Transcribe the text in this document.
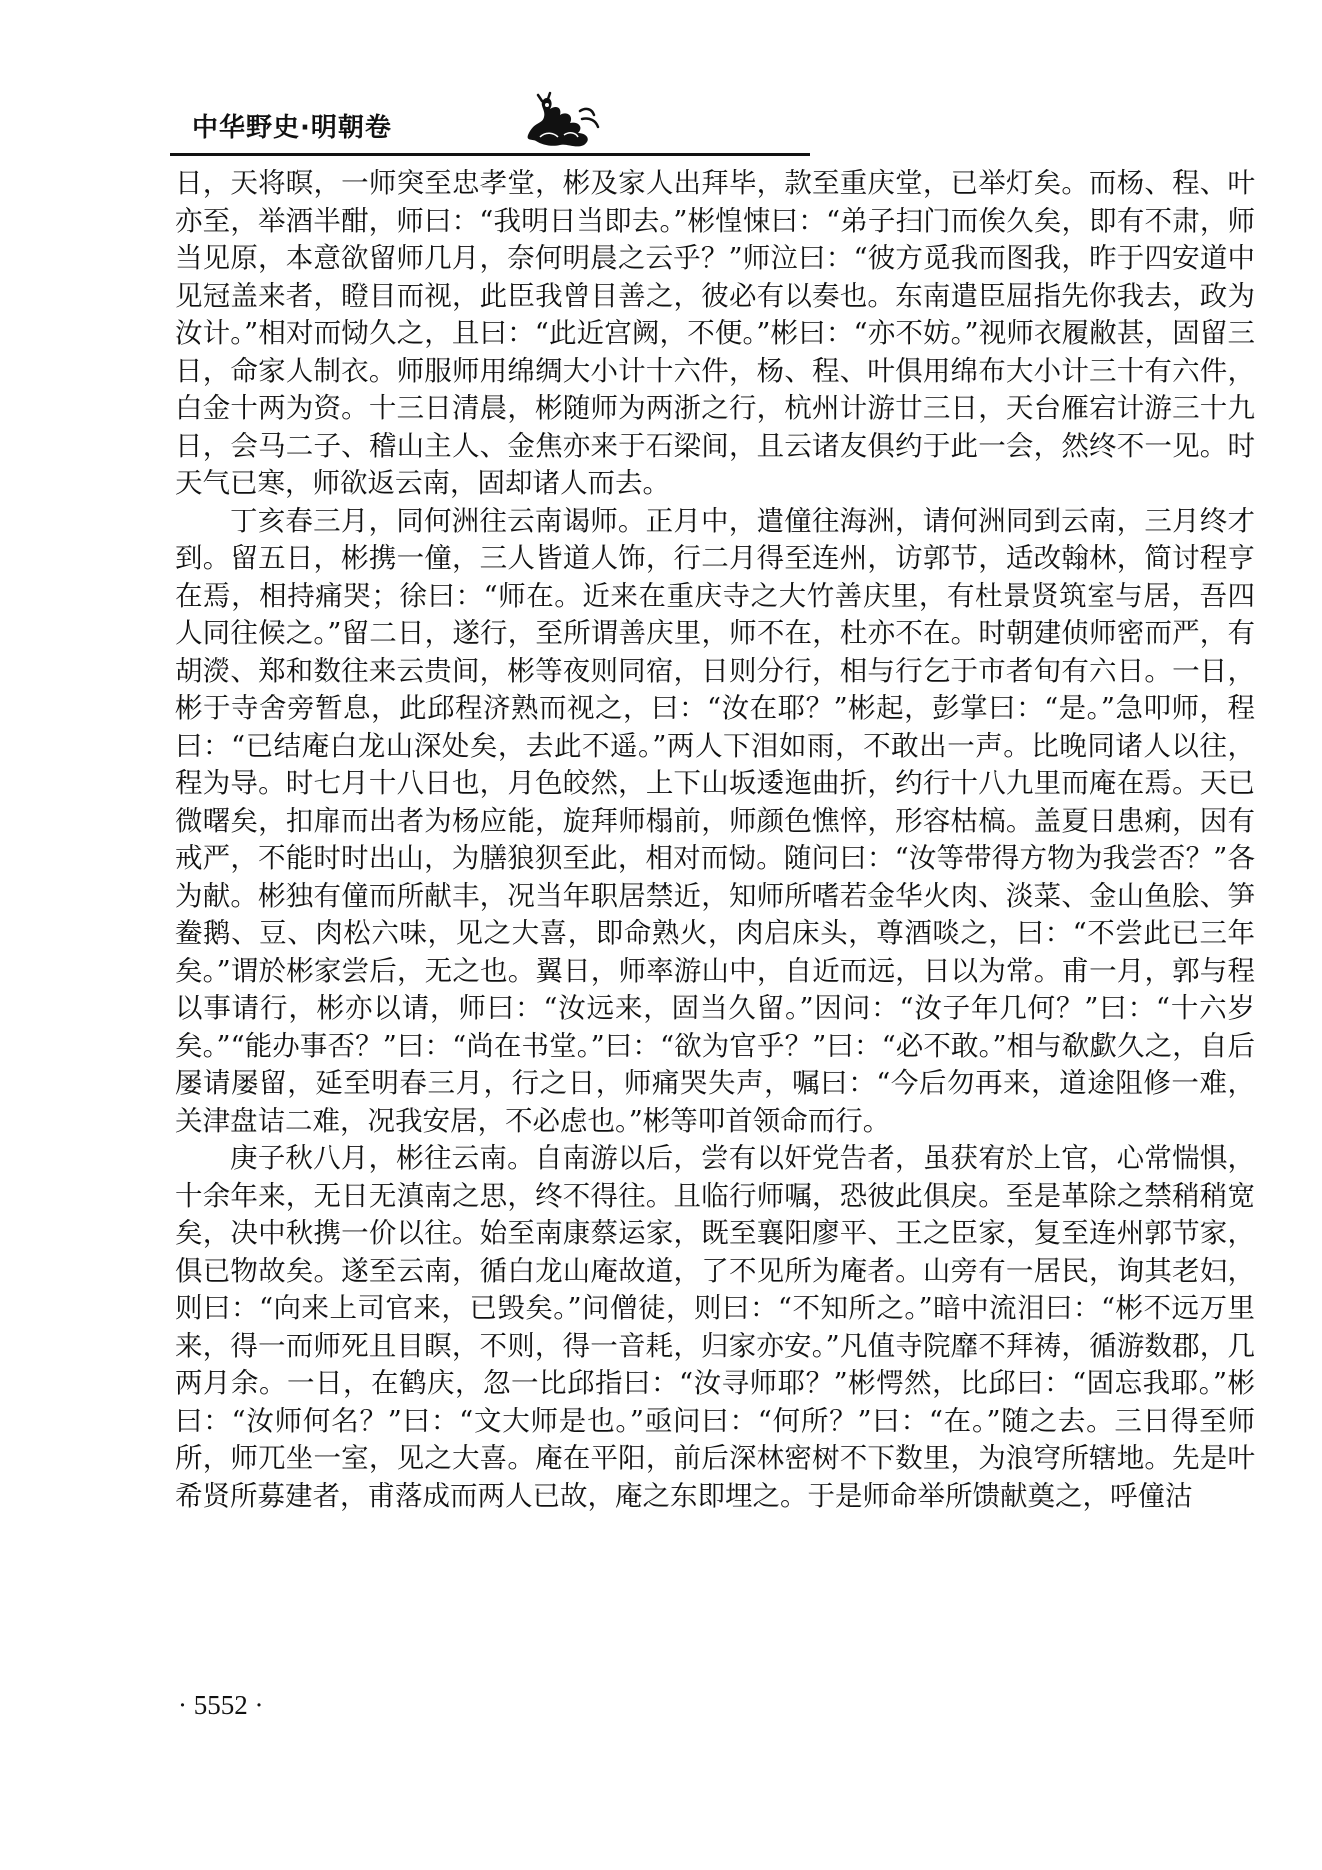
中华野史·明朝卷

日，天将暝，一师突至忠孝堂，彬及家人出拜毕，款至重庆堂，已举灯矣。而杨、程、叶亦至，举酒半酣，师曰：“我明日当即去。”彬惶悚曰：“弟子扫门而俟久矣，即有不肃，师当见原，本意欲留师几月，奈何明晨之云乎？”师泣曰：“彼方觅我而图我，昨于四安道中见冠盖来者，瞪目而视，此臣我曾目善之，彼必有以奏也。东南遣臣屈指先你我去，政为汝计。”相对而恸久之，且曰：“此近宫阙，不便。”彬曰：“亦不妨。”视师衣履敝甚，固留三日，命家人制衣。师服师用绵绸大小计十六件，杨、程、叶俱用绵布大小计三十有六件，白金十两为资。十三日清晨，彬随师为两浙之行，杭州计游廿三日，天台雁宕计游三十九日，会马二子、稽山主人、金焦亦来于石梁间，且云诸友俱约于此一会，然终不一见。时天气已寒，师欲返云南，固却诸人而去。

丁亥春三月，同何洲往云南谒师。正月中，遣僮往海洲，请何洲同到云南，三月终才到。留五日，彬携一僮，三人皆道人饰，行二月得至连州，访郭节，适改翰林，简讨程亨在焉，相持痛哭；徐曰：“师在。近来在重庆寺之大竹善庆里，有杜景贤筑室与居，吾四人同往候之。”留二日，遂行，至所谓善庆里，师不在，杜亦不在。时朝建侦师密而严，有胡濙、郑和数往来云贵间，彬等夜则同宿，日则分行，相与行乞于市者旬有六日。一日，彬于寺舍旁暂息，此邱程济熟而视之，曰：“汝在耶？”彬起，彭掌曰：“是。”急叩师，程曰：“已结庵白龙山深处矣，去此不遥。”两人下泪如雨，不敢出一声。比晚同诸人以往，程为导。时七月十八日也，月色皎然，上下山坂逶迤曲折，约行十八九里而庵在焉。天已微曙矣，扣扉而出者为杨应能，旋拜师榻前，师颜色憔悴，形容枯槁。盖夏日患痢，因有戒严，不能时时出山，为膳狼狈至此，相对而恸。随问曰：“汝等带得方物为我尝否？”各为献。彬独有僮而所献丰，况当年职居禁近，知师所嗜若金华火肉、淡菜、金山鱼脍、笋鲞鹅、豆、肉松六味，见之大喜，即命熟火，肉启床头，尊酒啖之，曰：“不尝此已三年矣。”谓於彬家尝后，无之也。翼日，师率游山中，自近而远，日以为常。甫一月，郭与程以事请行，彬亦以请，师曰：“汝远来，固当久留。”因问：“汝子年几何？”曰：“十六岁矣。”“能办事否？”曰：“尚在书堂。”曰：“欲为官乎？”曰：“必不敢。”相与欷歔久之，自后屡请屡留，延至明春三月，行之日，师痛哭失声，嘱曰：“今后勿再来，道途阻修一难，关津盘诘二难，况我安居，不必虑也。”彬等叩首领命而行。

庚子秋八月，彬往云南。自南游以后，尝有以奸党告者，虽获宥於上官，心常惴惧，十余年来，无日无滇南之思，终不得往。且临行师嘱，恐彼此俱戾。至是革除之禁稍稍宽矣，决中秋携一价以往。始至南康蔡运家，既至襄阳廖平、王之臣家，复至连州郭节家，俱已物故矣。遂至云南，循白龙山庵故道，了不见所为庵者。山旁有一居民，询其老妇，则曰：“向来上司官来，已毁矣。”问僧徒，则曰：“不知所之。”暗中流泪曰：“彬不远万里来，得一而师死且目瞑，不则，得一音耗，归家亦安。”凡值寺院靡不拜祷，循游数郡，几两月余。一日，在鹤庆，忽一比邱指曰：“汝寻师耶？”彬愕然，比邱曰：“固忘我耶。”彬曰：“汝师何名？”曰：“文大师是也。”亟问曰：“何所？”曰：“在。”随之去。三日得至师所，师兀坐一室，见之大喜。庵在平阳，前后深林密树不下数里，为浪穹所辖地。先是叶希贤所募建者，甫落成而两人已故，庵之东即埋之。于是师命举所馈献奠之，呼僮沽

· 5552 ·
